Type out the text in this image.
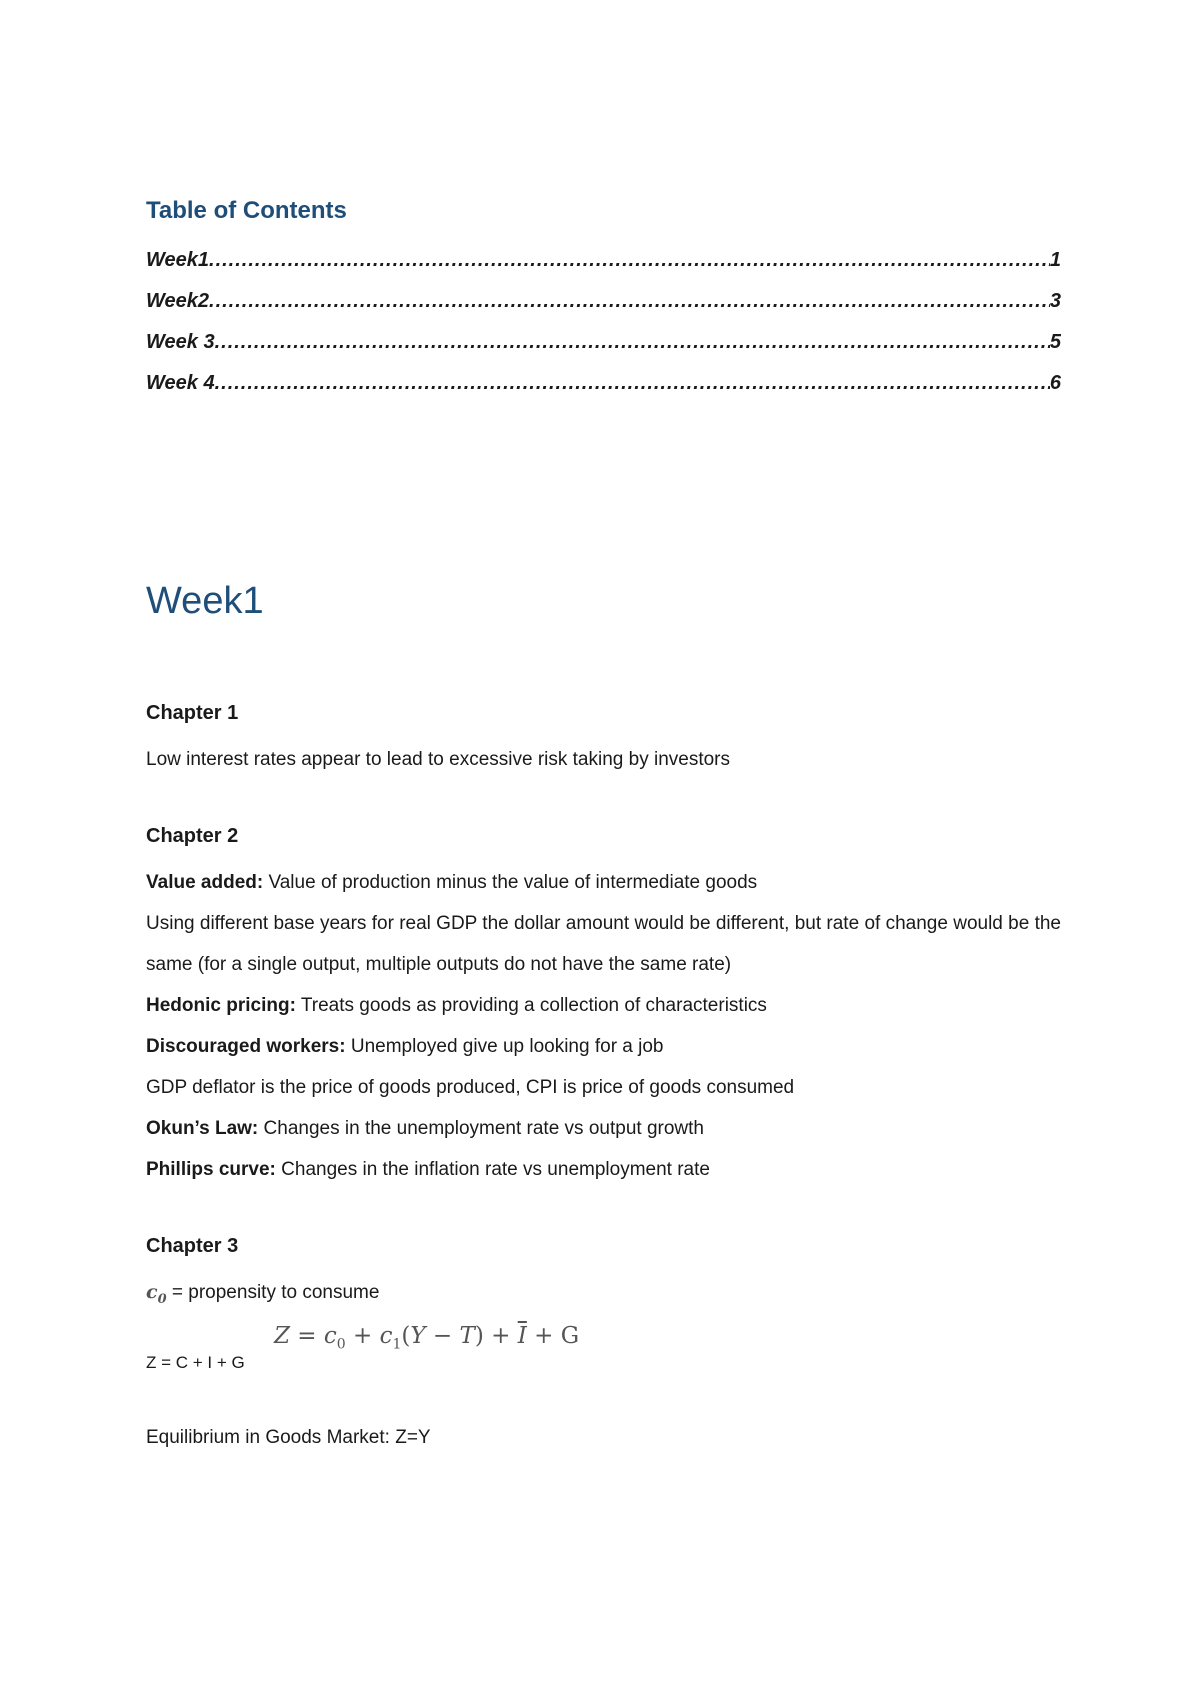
Table of Contents
Week1 .....	1
Week2 .....	3
Week 3 .....	5
Week 4 .....	6
Week1
Chapter 1

Low interest rates appear to lead to excessive risk taking by investors

Chapter 2

Value added: Value of production minus the value of intermediate goods

Using different base years for real GDP the dollar amount would be different, but rate of change would be the same (for a single output, multiple outputs do not have the same rate)

Hedonic pricing: Treats goods as providing a collection of characteristics

Discouraged workers: Unemployed give up looking for a job

GDP deflator is the price of goods produced, CPI is price of goods consumed

Okun’s Law: Changes in the unemployment rate vs output growth

Phillips curve: Changes in the inflation rate vs unemployment rate

Chapter 3

$c_0$ = propensity to consume

Z = C + I + G
$Z = c_0 + c_1(Y - T) + \overline{I} + G$

Equilibrium in Goods Market: Z=Y
